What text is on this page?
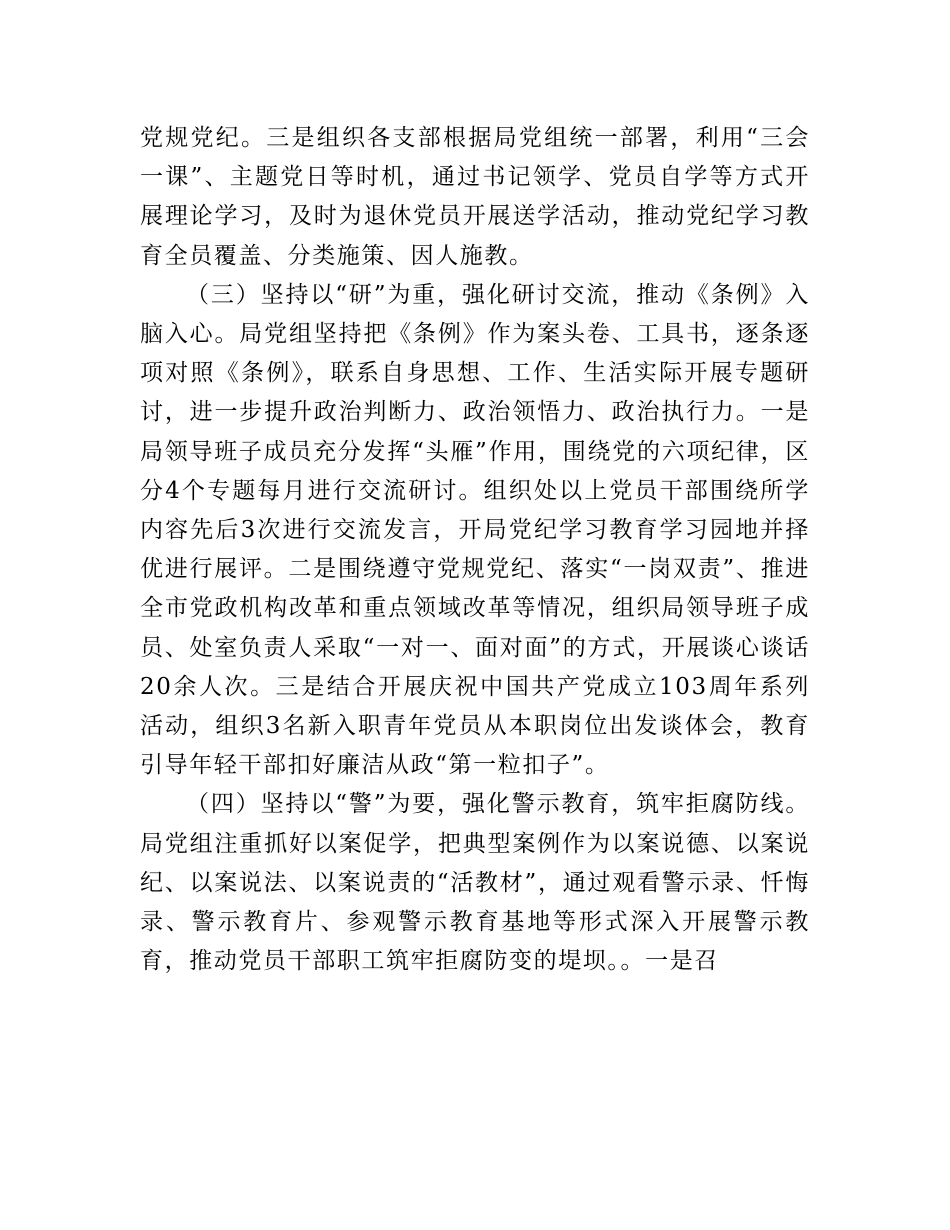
党规党纪。三是组织各支部根据局党组统一部署，利用“三会一课”、主题党日等时机，通过书记领学、党员自学等方式开展理论学习，及时为退休党员开展送学活动，推动党纪学习教育全员覆盖、分类施策、因人施教。

（三）坚持以“研”为重，强化研讨交流，推动《条例》入脑入心。局党组坚持把《条例》作为案头卷、工具书，逐条逐项对照《条例》，联系自身思想、工作、生活实际开展专题研讨，进一步提升政治判断力、政治领悟力、政治执行力。一是局领导班子成员充分发挥“头雁”作用，围绕党的六项纪律，区分4个专题每月进行交流研讨。组织处以上党员干部围绕所学内容先后3次进行交流发言，开局党纪学习教育学习园地并择优进行展评。二是围绕遵守党规党纪、落实“一岗双责”、推进全市党政机构改革和重点领域改革等情况，组织局领导班子成员、处室负责人采取“一对一、面对面”的方式，开展谈心谈话20余人次。三是结合开展庆祝中国共产党成立103周年系列活动，组织3名新入职青年党员从本职岗位出发谈体会，教育引导年轻干部扣好廉洁从政“第一粒扣子”。

（四）坚持以“警”为要，强化警示教育，筑牢拒腐防线。局党组注重抓好以案促学，把典型案例作为以案说德、以案说纪、以案说法、以案说责的“活教材”，通过观看警示录、忏悔录、警示教育片、参观警示教育基地等形式深入开展警示教育，推动党员干部职工筑牢拒腐防变的堤坝。。一是召
